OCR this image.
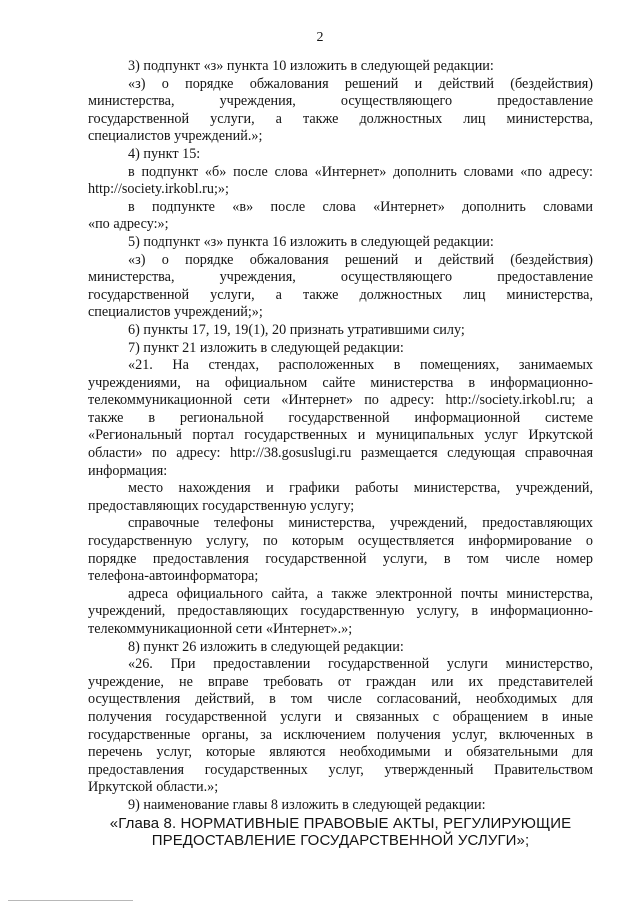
2
3) подпункт «з» пункта 10 изложить в следующей редакции:
«з) о порядке обжалования решений и действий (бездействия)
министерства, учреждения, осуществляющего предоставление
государственной услуги, а также должностных лиц министерства,
специалистов учреждений.»;
4) пункт 15:
в подпункт «б» после слова «Интернет» дополнить словами «по адресу:
http://society.irkobl.ru;»;
в подпункте «в» после слова «Интернет» дополнить словами
«по адресу:»;
5) подпункт «з» пункта 16 изложить в следующей редакции:
«з) о порядке обжалования решений и действий (бездействия)
министерства, учреждения, осуществляющего предоставление
государственной услуги, а также должностных лиц министерства,
специалистов учреждений;»;
6) пункты 17, 19, 19(1), 20 признать утратившими силу;
7) пункт 21 изложить в следующей редакции:
«21. На стендах, расположенных в помещениях, занимаемых
учреждениями, на официальном сайте министерства в информационно-
телекоммуникационной сети «Интернет» по адресу: http://society.irkobl.ru; а
также в региональной государственной информационной системе
«Региональный портал государственных и муниципальных услуг Иркутской
области» по адресу: http://38.gosuslugi.ru размещается следующая справочная
информация:
место нахождения и графики работы министерства, учреждений,
предоставляющих государственную услугу;
справочные телефоны министерства, учреждений, предоставляющих
государственную услугу, по которым осуществляется информирование о
порядке предоставления государственной услуги, в том числе номер
телефона-автоинформатора;
адреса официального сайта, а также электронной почты министерства,
учреждений, предоставляющих государственную услугу, в информационно-
телекоммуникационной сети «Интернет».»;
8) пункт 26 изложить в следующей редакции:
«26. При предоставлении государственной услуги министерство,
учреждение, не вправе требовать от граждан или их представителей
осуществления действий, в том числе согласований, необходимых для
получения государственной услуги и связанных с обращением в иные
государственные органы, за исключением получения услуг, включенных в
перечень услуг, которые являются необходимыми и обязательными для
предоставления государственных услуг, утвержденный Правительством
Иркутской области.»;
9) наименование главы 8 изложить в следующей редакции:
«Глава 8. НОРМАТИВНЫЕ ПРАВОВЫЕ АКТЫ, РЕГУЛИРУЮЩИЕ
ПРЕДОСТАВЛЕНИЕ ГОСУДАРСТВЕННОЙ УСЛУГИ»;
